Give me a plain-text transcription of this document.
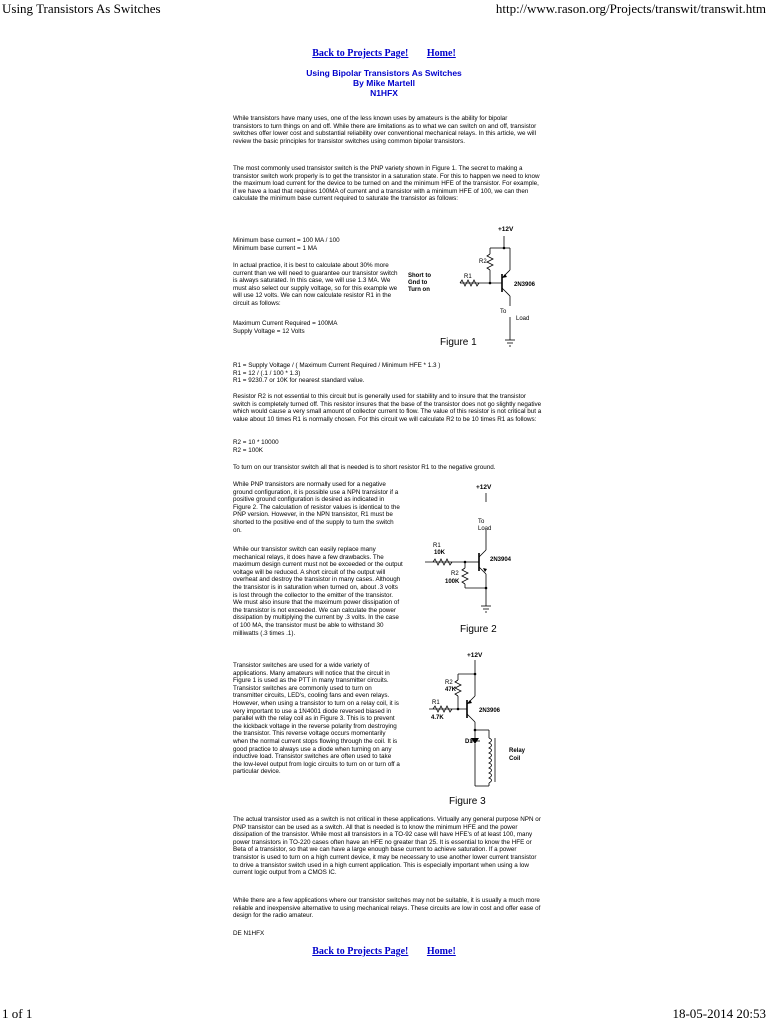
Using Transistors As Switches	http://www.rason.org/Projects/transwit/transwit.htm
Back to Projects Page! Home!
Using Bipolar Transistors As Switches
By Mike Martell
N1HFX

While transistors have many uses, one of the less known uses by amateurs is the ability for bipolar transistors to turn things on and off. While there are limitations as to what we can switch on and off, transistor switches offer lower cost and substantial reliability over conventional mechanical relays. In this article, we will review the basic principles for transistor switches using common bipolar transistors.

The most commonly used transistor switch is the PNP variety shown in Figure 1. The secret to making a transistor switch work properly is to get the transistor in a saturation state. For this to happen we need to know the maximum load current for the device to be turned on and the minimum HFE of the transistor. For example, if we have a load that requires 100MA of current and a transistor with a minimum HFE of 100, we can then calculate the minimum base current required to saturate the transistor as follows:

Minimum base current = 100 MA / 100
Minimum base current = 1 MA

In actual practice, it is best to calculate about 30% more current than we will need to guarantee our transistor switch is always saturated. In this case, we will use 1.3 MA. We must also select our supply voltage, so for this example we will use 12 volts. We can now calculate resistor R1 in the circuit as follows:

Maximum Current Required = 100MA
Supply Voltage = 12 Volts
+12V
R2
R1
2N3906
Short to
Gnd to
Turn on
To
Load
Figure 1
R1 = Supply Voltage / ( Maximum Current Required / Minimum HFE * 1.3 )
R1 = 12 / (.1 / 100 * 1.3)
R1 = 9230.7 or 10K for nearest standard value.

Resistor R2 is not essential to this circuit but is generally used for stability and to insure that the transistor switch is completely turned off. This resistor insures that the base of the transistor does not go slightly negative which would cause a very small amount of collector current to flow. The value of this resistor is not critical but a value about 10 times R1 is normally chosen. For this circuit we will calculate R2 to be 10 times R1 as follows:

R2 = 10 * 10000
R2 = 100K

To turn on our transistor switch all that is needed is to short resistor R1 to the negative ground.

While PNP transistors are normally used for a negative ground configuration, it is possible use a NPN transistor if a positive ground configuration is desired as indicated in Figure 2. The calculation of resistor values is identical to the PNP version. However, in the NPN transistor, R1 must be shorted to the positive end of the supply to turn the switch on.

While our transistor switch can easily replace many mechanical relays, it does have a few drawbacks. The maximum design current must not be exceeded or the output voltage will be reduced. A short circuit of the output will overheat and destroy the transistor in many cases. Although the transistor is in saturation when turned on, about .3 volts is lost through the collector to the emitter of the transistor. We must also insure that the maximum power dissipation of the transistor is not exceeded. We can calculate the power dissipation by multiplying the current by .3 volts. In the case of 100 MA, the transistor must be able to withstand 30 milliwatts (.3 times .1).

+12V
To
Load
R1
10K
2N3904
R2
100K
Figure 2

Transistor switches are used for a wide variety of applications. Many amateurs will notice that the circuit in Figure 1 is used as the PTT in many transmitter circuits. Transistor switches are commonly used to turn on transmitter circuits, LED's, cooling fans and even relays. However, when using a transistor to turn on a relay coil, it is very important to use a 1N4001 diode reversed biased in parallel with the relay coil as in Figure 3. This is to prevent the kickback voltage in the reverse polarity from destroying the transistor. This reverse voltage occurs momentarily when the normal current stops flowing through the coil. It is good practice to always use a diode when turning on any inductive load. Transistor switches are often used to take the low-level output from logic circuits to turn on or turn off a particular device.

+12V
R2
47K
R1
4.7K
2N3906
D1
Relay
Coil
Figure 3

The actual transistor used as a switch is not critical in these applications. Virtually any general purpose NPN or PNP transistor can be used as a switch. All that is needed is to know the minimum HFE and the power dissipation of the transistor. While most all transistors in a TO-92 case will have HFE's of at least 100, many power transistors in TO-220 cases often have an HFE no greater than 25. It is essential to know the HFE or Beta of a transistor, so that we can have a large enough base current to achieve saturation. If a power transistor is used to turn on a high current device, it may be necessary to use another lower current transistor to drive a transistor switch used in a high current application. This is especially important when using a low current logic output from a CMOS IC.

While there are a few applications where our transistor switches may not be suitable, it is usually a much more reliable and inexpensive alternative to using mechanical relays. These circuits are low in cost and offer ease of design for the radio amateur.

DE N1HFX

Back to Projects Page! Home!
1 of 1	18-05-2014 20:53
